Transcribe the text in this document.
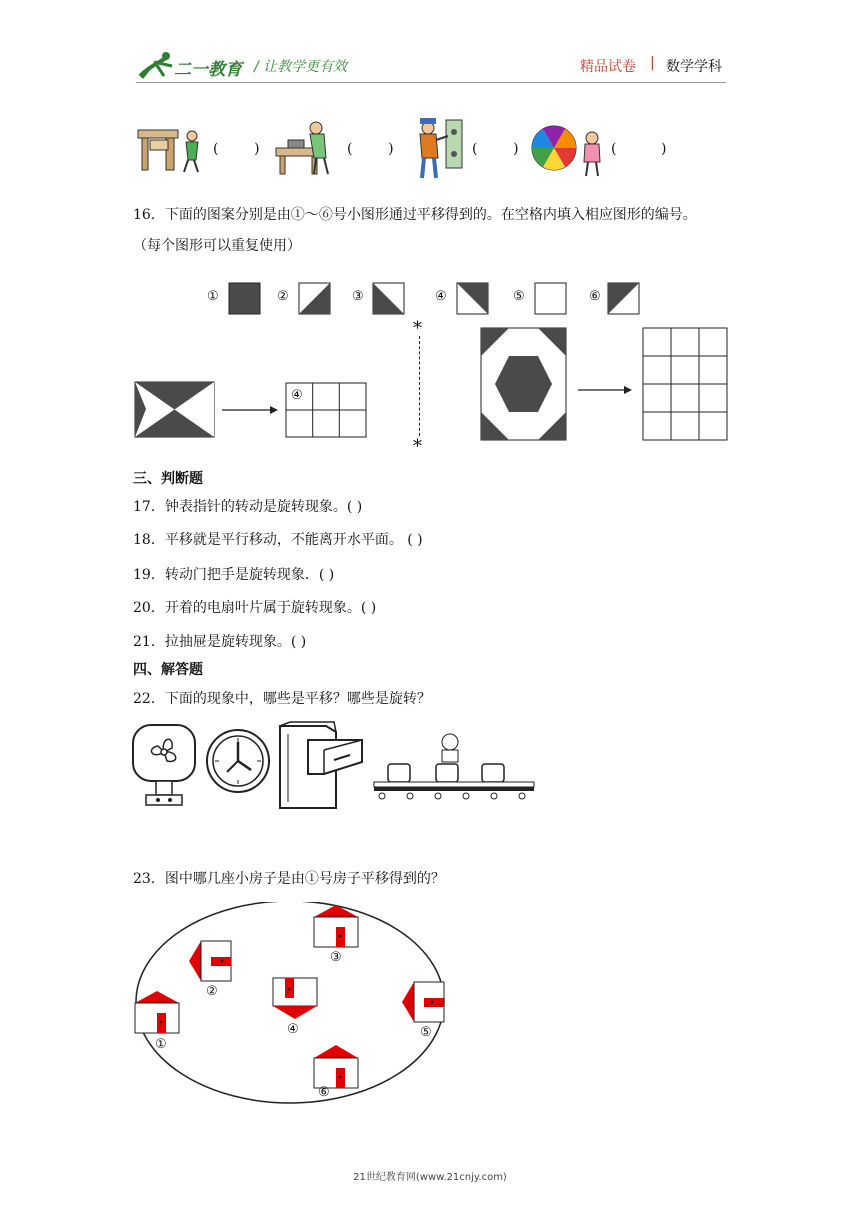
二一教育 / 让教学更有效	精品试卷 | 数学学科
(        )	(        )	(        )	(          )
16．下面的图案分别是由①～⑥号小图形通过平移得到的。在空格内填入相应图形的编号。
（每个图形可以重复使用）
①	②	③	④	⑤	⑥
④
*
*
三、判断题
17．钟表指针的转动是旋转现象。( )
18．平移就是平行移动，不能离开水平面。 ( )
19．转动门把手是旋转现象．( )
20．开着的电扇叶片属于旋转现象。( )
21．拉抽屉是旋转现象。( )
四、解答题
22．下面的现象中，哪些是平移？哪些是旋转？
23．图中哪几座小房子是由①号房子平移得到的？
①
②
③
④	⑤
⑥
21世纪教育网(www.21cnjy.com)
